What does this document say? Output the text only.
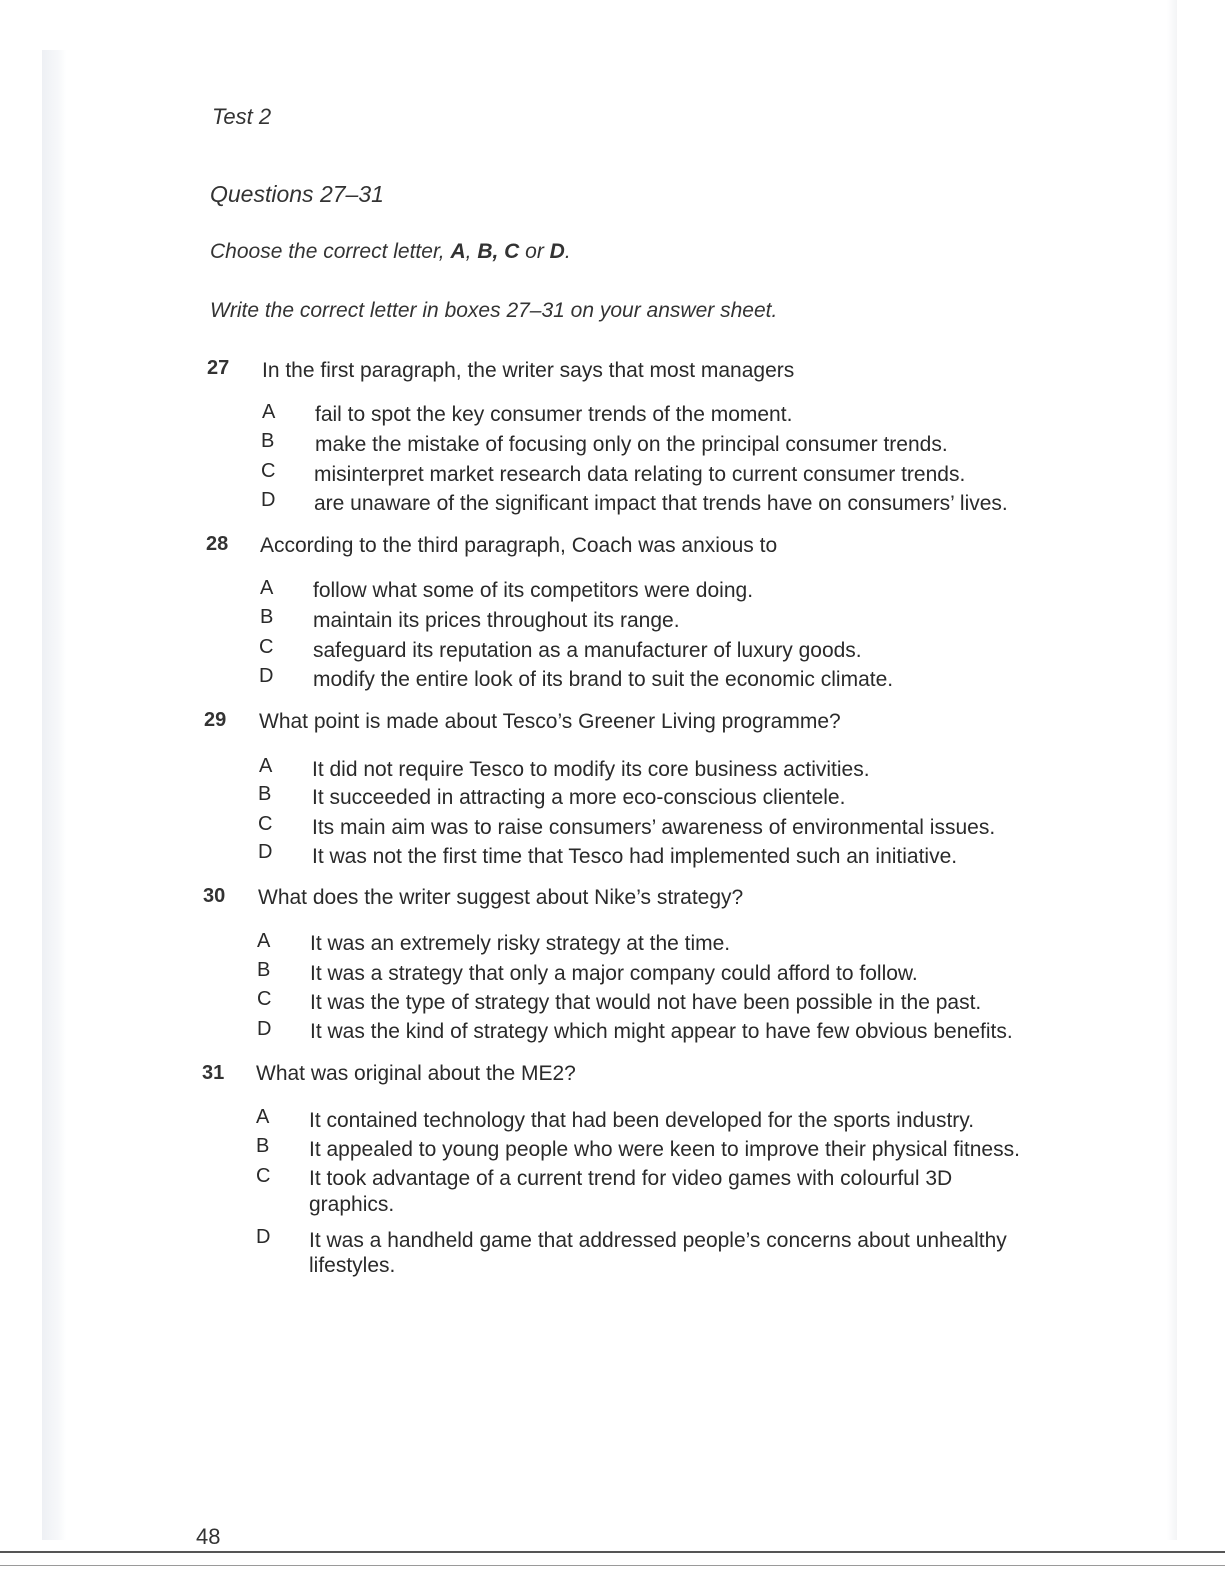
Test 2
Questions 27–31
Choose the correct letter, A, B, C or D.
Write the correct letter in boxes 27–31 on your answer sheet.
27 In the first paragraph, the writer says that most managers
A fail to spot the key consumer trends of the moment.
B make the mistake of focusing only on the principal consumer trends.
C misinterpret market research data relating to current consumer trends.
D are unaware of the significant impact that trends have on consumers’ lives.
28 According to the third paragraph, Coach was anxious to
A follow what some of its competitors were doing.
B maintain its prices throughout its range.
C safeguard its reputation as a manufacturer of luxury goods.
D modify the entire look of its brand to suit the economic climate.
29 What point is made about Tesco’s Greener Living programme?
A It did not require Tesco to modify its core business activities.
B It succeeded in attracting a more eco-conscious clientele.
C Its main aim was to raise consumers’ awareness of environmental issues.
D It was not the first time that Tesco had implemented such an initiative.
30 What does the writer suggest about Nike’s strategy?
A It was an extremely risky strategy at the time.
B It was a strategy that only a major company could afford to follow.
C It was the type of strategy that would not have been possible in the past.
D It was the kind of strategy which might appear to have few obvious benefits.
31 What was original about the ME2?
A It contained technology that had been developed for the sports industry.
B It appealed to young people who were keen to improve their physical fitness.
C It took advantage of a current trend for video games with colourful 3D
graphics.
D It was a handheld game that addressed people’s concerns about unhealthy
lifestyles.
48
